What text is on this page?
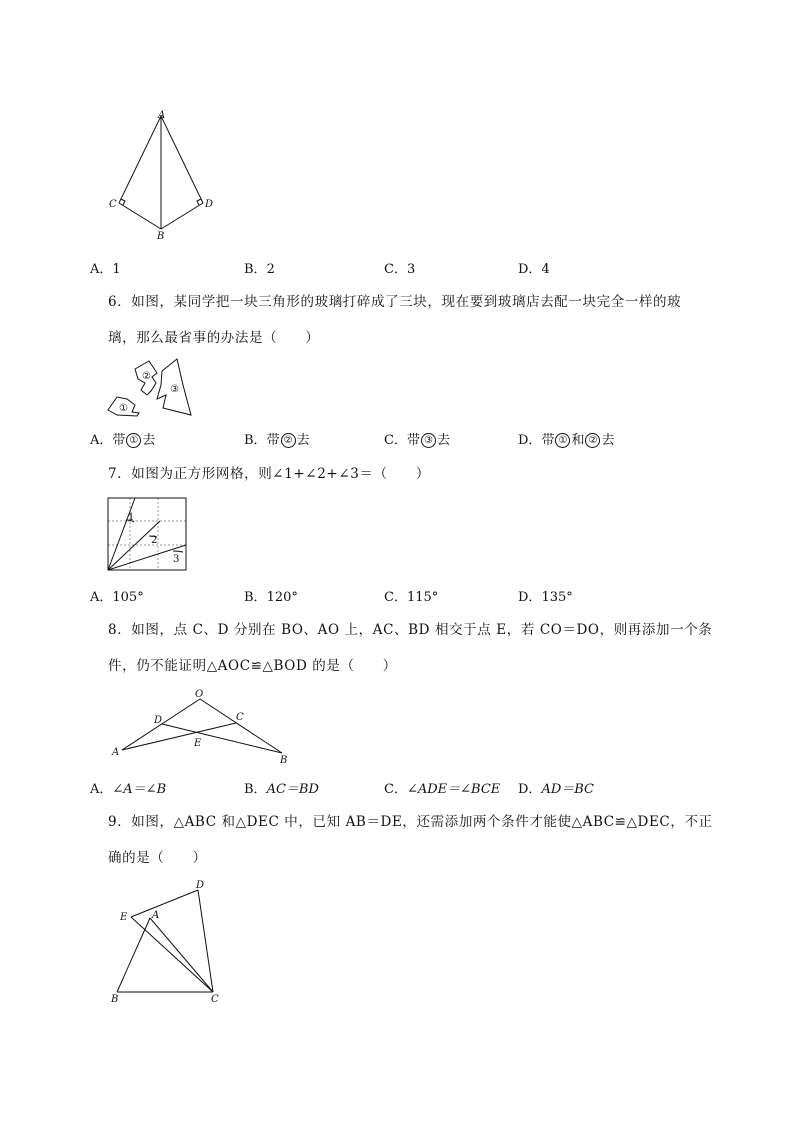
A
C	D
B
A．1	B．2	C．3	D．4
6．如图，某同学把一块三角形的玻璃打碎成了三块，现在要到玻璃店去配一块完全一样的玻
璃，那么最省事的办法是（　　）
①
②
③
A．带 ① 去	B．带 ② 去	C．带 ③ 去	D．带 ① 和 ② 去
7．如图为正方形网格，则∠1+∠2+∠3＝（　　）
1
2
3
A．105°	B．120°	C．115°	D．135°
8．如图，点 C、D 分别在 BO、AO 上，AC、BD 相交于点 E，若 CO＝DO，则再添加一个条
件，仍不能证明△AOC≌△BOD 的是（　　）
O
D	C
E
A
B
A．∠A＝∠B	B．AC＝BD	C．∠ADE＝∠BCE D．AD＝BC
9．如图，△ABC 和△DEC 中，已知 AB＝DE，还需添加两个条件才能使△ABC≌△DEC，不正
确的是（　　）
D
E A
B	C
